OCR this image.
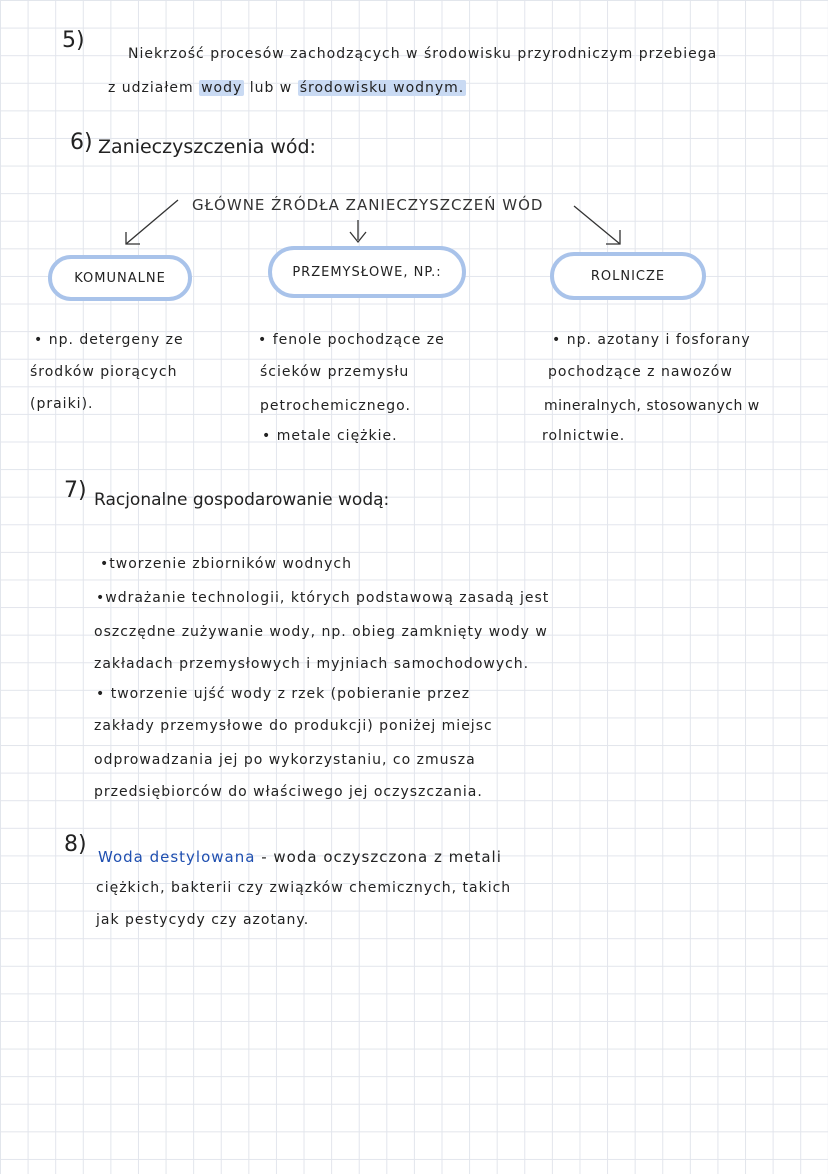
5)
Niekrzość procesów zachodzących w środowisku przyrodniczym przebiega
z udziałem wody lub w środowisku wodnym.
6) Zanieczyszczenia wód:
GŁÓWNE ŹRÓDŁA ZANIECZYSZCZEŃ WÓD
KOMUNALNE	PRZEMYSŁOWE, NP.:	ROLNICZE
• np. detergeny ze
środków piorących
(praiki).
• fenole pochodzące ze
ścieków przemysłu
petrochemicznego.
• metale ciężkie.
• np. azotany i fosforany
pochodzące z nawozów
mineralnych, stosowanych w
rolnictwie.
7) Racjonalne gospodarowanie wodą:
•tworzenie zbiorników wodnych
•wdrażanie technologii, których podstawową zasadą jest
oszczędne zużywanie wody, np. obieg zamknięty wody w
zakładach przemysłowych i myjniach samochodowych.
• tworzenie ujść wody z rzek (pobieranie przez
zakłady przemysłowe do produkcji) poniżej miejsc
odprowadzania jej po wykorzystaniu, co zmusza
przedsiębiorców do właściwego jej oczyszczania.
8) Woda destylowana - woda oczyszczona z metali
ciężkich, bakterii czy związków chemicznych, takich
jak pestycydy czy azotany.
